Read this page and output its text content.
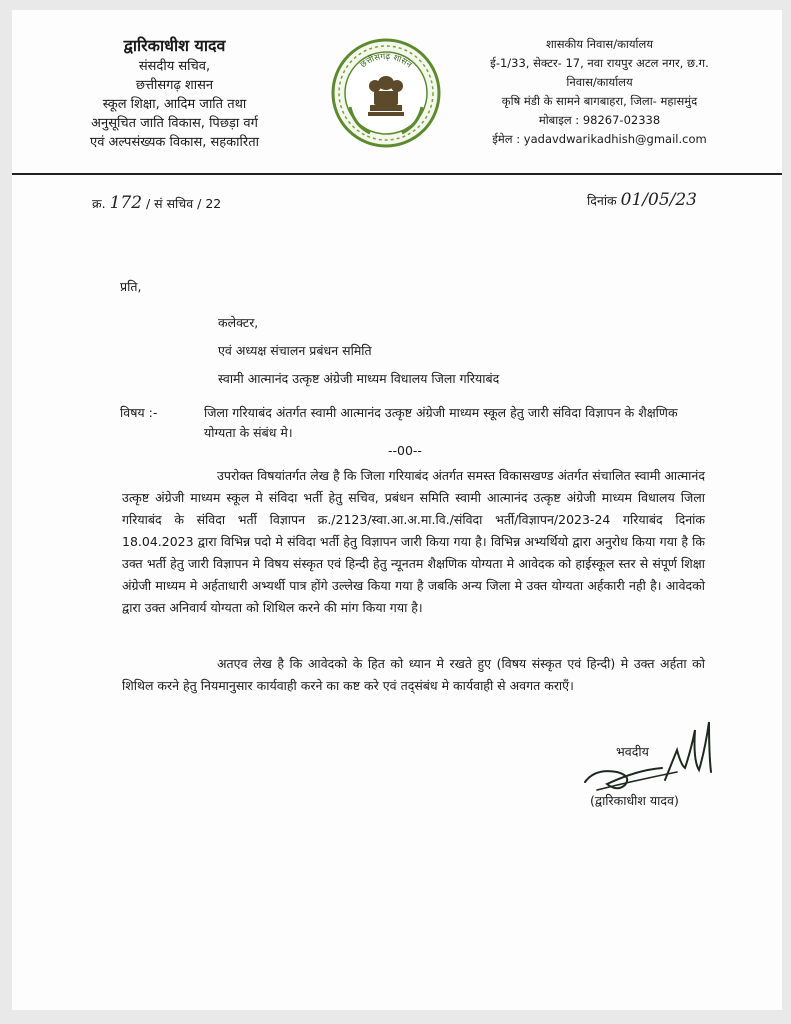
द्वारिकाधीश यादव
संसदीय सचिव,
छत्तीसगढ़ शासन
स्कूल शिक्षा, आदिम जाति तथा
अनुसूचित जाति विकास, पिछड़ा वर्ग
एवं अल्पसंख्यक विकास, सहकारिता
छत्तीसगढ़ शासन
शासकीय निवास/कार्यालय
ई-1/33, सेक्टर- 17, नवा रायपुर अटल नगर, छ.ग.
निवास/कार्यालय
कृषि मंडी के सामने बागबाहरा, जिला- महासमुंद
मोबाइल : 98267-02338
ईमेल : yadavdwarikadhish@gmail.com
क्र. 172 / सं सचिव / 22	दिनांक 01/05/23
प्रति,
कलेक्टर,
एवं अध्यक्ष संचालन प्रबंधन समिति
स्वामी आत्मानंद उत्कृष्ट अंग्रेजी माध्यम विधालय जिला गरियाबंद
विषय :-	जिला गरियाबंद अंतर्गत स्वामी आत्मानंद उत्कृष्ट अंग्रेजी माध्यम स्कूल हेतु जारी संविदा विज्ञापन के शैक्षणिक योग्यता के संबंध मे।
--00--
उपरोक्त विषयांतर्गत लेख है कि जिला गरियाबंद अंतर्गत समस्त विकासखण्ड अंतर्गत संचालित स्वामी आत्मानंद उत्कृष्ट अंग्रेजी माध्यम स्कूल मे संविदा भर्ती हेतु सचिव, प्रबंधन समिति स्वामी आत्मानंद उत्कृष्ट अंग्रेजी माध्यम विधालय जिला गरियाबंद के संविदा भर्ती विज्ञापन क्र./2123/स्वा.आ.अ.मा.वि./संविदा भर्ती/विज्ञापन/2023-24 गरियाबंद दिनांक 18.04.2023 द्वारा विभिन्न पदो मे संविदा भर्ती हेतु विज्ञापन जारी किया गया है। विभिन्न अभ्यर्थियो द्वारा अनुरोध किया गया है कि उक्त भर्ती हेतु जारी विज्ञापन मे विषय संस्कृत एवं हिन्दी हेतु न्यूनतम शैक्षणिक योग्यता मे आवेदक को हाईस्कूल स्तर से संपूर्ण शिक्षा अंग्रेजी माध्यम मे अर्हताधारी अभ्यर्थी पात्र होंगे उल्लेख किया गया है जबकि अन्य जिला मे उक्त योग्यता अर्हकारी नही है। आवेदको द्वारा उक्त अनिवार्य योग्यता को शिथिल करने की मांग किया गया है।
अतएव लेख है कि आवेदको के हित को ध्यान मे रखते हुए (विषय संस्कृत एवं हिन्दी) मे उक्त अर्हता को शिथिल करने हेतु नियमानुसार कार्यवाही करने का कष्ट करे एवं तद्संबंध मे कार्यवाही से अवगत कराएँ।
भवदीय
(द्वारिकाधीश यादव)
